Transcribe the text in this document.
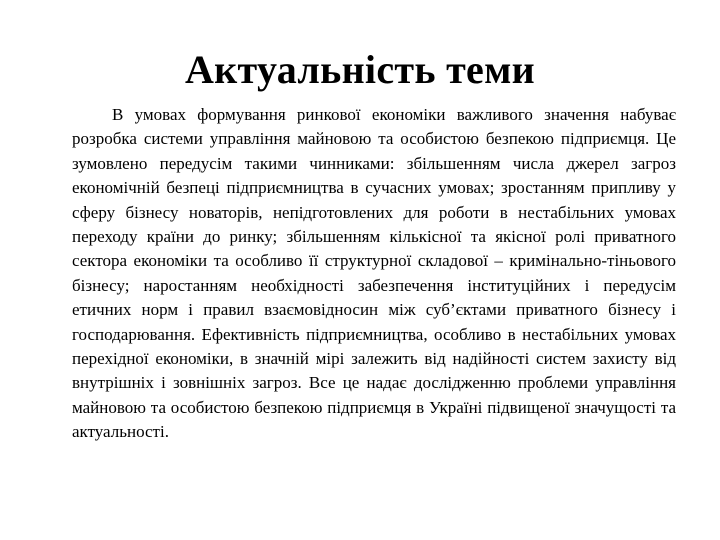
Актуальність теми

В умовах формування ринкової економіки важливого значення набуває розробка системи управління майновою та особистою безпекою підприємця. Це зумовлено передусім такими чинниками: збільшенням числа джерел загроз економічній безпеці підприємництва в сучасних умовах; зростанням припливу у сферу бізнесу новаторів, непідготовлених для роботи в нестабільних умовах переходу країни до ринку; збільшенням кількісної та якісної ролі приватного сектора економіки та особливо її структурної складової – кримінально-тіньового бізнесу; наростанням необхідності забезпечення інституційних і передусім етичних норм і правил взаємовідносин між суб’єктами приватного бізнесу і господарювання. Ефективність підприємництва, особливо в нестабільних умовах перехідної економіки, в значній мірі залежить від надійності систем захисту від внутрішніх і зовнішніх загроз. Все це надає дослідженню проблеми управління майновою та особистою безпекою підприємця в Україні підвищеної значущості та актуальності.
